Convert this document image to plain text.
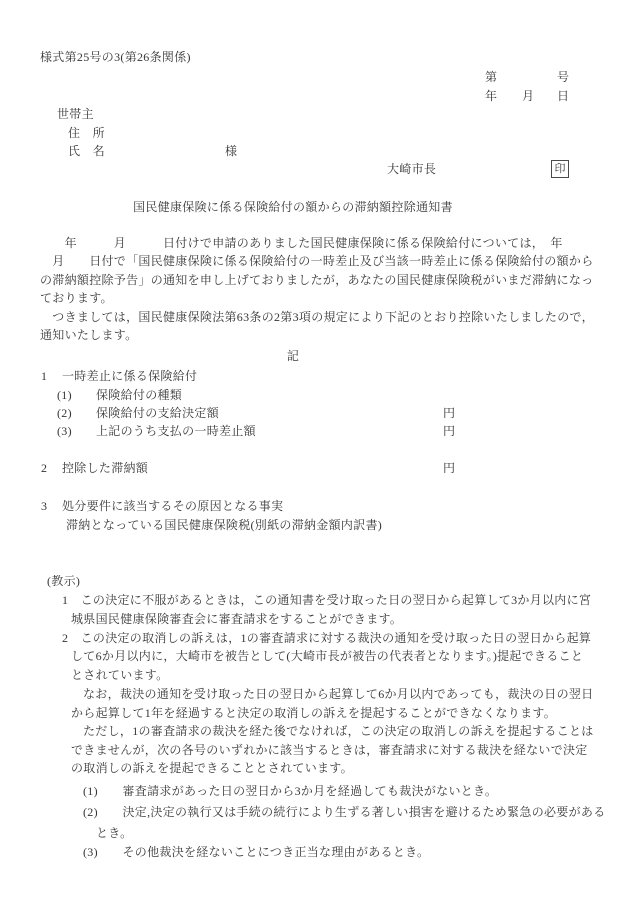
様式第25号の3(第26条関係)
第	号
年 月 日
世帯主
住　所
氏　名	様
大崎市長	印
国民健康保険に係る保険給付の額からの滞納額控除通知書
　　年　　　月　　　日付けで申請のありました国民健康保険に係る保険給付については，　年
　月　　日付で「国民健康保険に係る保険給付の一時差止及び当該一時差止に係る保険給付の額から
の滞納額控除予告」の通知を申し上げておりましたが，あなたの国民健康保険税がいまだ滞納になっ
ております。
　つきましては，国民健康保険法第63条の2第3項の規定により下記のとおり控除いたしましたので，
通知いたします。
記
1 一時差止に係る保険給付
(1) 保険給付の種類
(2) 保険給付の支給決定額	円
(3) 上記のうち支払の一時差止額	円
2 控除した滞納額	円
3 処分要件に該当するその原因となる事実
滞納となっている国民健康保険税(別紙の滞納金額内訳書)
(教示)
1　この決定に不服があるときは，この通知書を受け取った日の翌日から起算して3か月以内に宮
城県国民健康保険審査会に審査請求をすることができます。
2　この決定の取消しの訴えは，1の審査請求に対する裁決の通知を受け取った日の翌日から起算
して6か月以内に，大崎市を被告として(大崎市長が被告の代表者となります。)提起できること
とされています。
なお，裁決の通知を受け取った日の翌日から起算して6か月以内であっても，裁決の日の翌日
から起算して1年を経過すると決定の取消しの訴えを提起することができなくなります。
ただし，1の審査請求の裁決を経た後でなければ，この決定の取消しの訴えを提起することは
できませんが，次の各号のいずれかに該当するときは，審査請求に対する裁決を経ないで決定
の取消しの訴えを提起できることとされています。
(1)　　審査請求があった日の翌日から3か月を経過しても裁決がないとき。
(2)　　決定,決定の執行又は手続の続行により生ずる著しい損害を避けるため緊急の必要がある
とき。
(3)　　その他裁決を経ないことにつき正当な理由があるとき。
